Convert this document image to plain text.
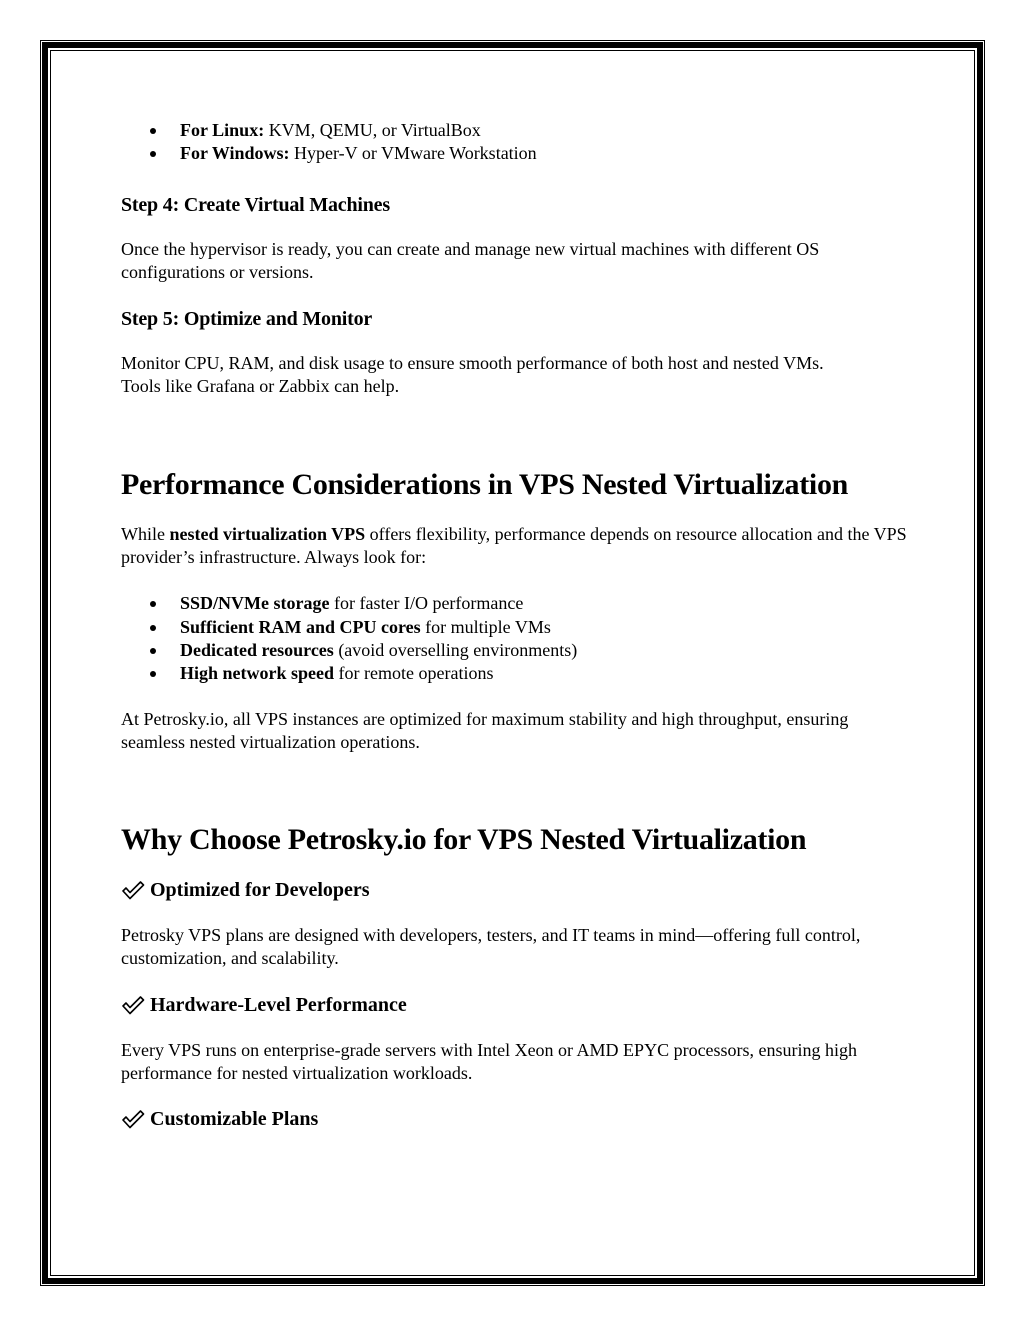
For Linux: KVM, QEMU, or VirtualBox
For Windows: Hyper-V or VMware Workstation
Step 4: Create Virtual Machines

Once the hypervisor is ready, you can create and manage new virtual machines with different OS configurations or versions.

Step 5: Optimize and Monitor

Monitor CPU, RAM, and disk usage to ensure smooth performance of both host and nested VMs. Tools like Grafana or Zabbix can help.

Performance Considerations in VPS Nested Virtualization

While nested virtualization VPS offers flexibility, performance depends on resource allocation and the VPS provider’s infrastructure. Always look for:

SSD/NVMe storage for faster I/O performance
Sufficient RAM and CPU cores for multiple VMs
Dedicated resources (avoid overselling environments)
High network speed for remote operations

At Petrosky.io, all VPS instances are optimized for maximum stability and high throughput, ensuring seamless nested virtualization operations.

Why Choose Petrosky.io for VPS Nested Virtualization
Optimized for Developers

Petrosky VPS plans are designed with developers, testers, and IT teams in mind—offering full control, customization, and scalability.

Hardware-Level Performance

Every VPS runs on enterprise-grade servers with Intel Xeon or AMD EPYC processors, ensuring high performance for nested virtualization workloads.

Customizable Plans
